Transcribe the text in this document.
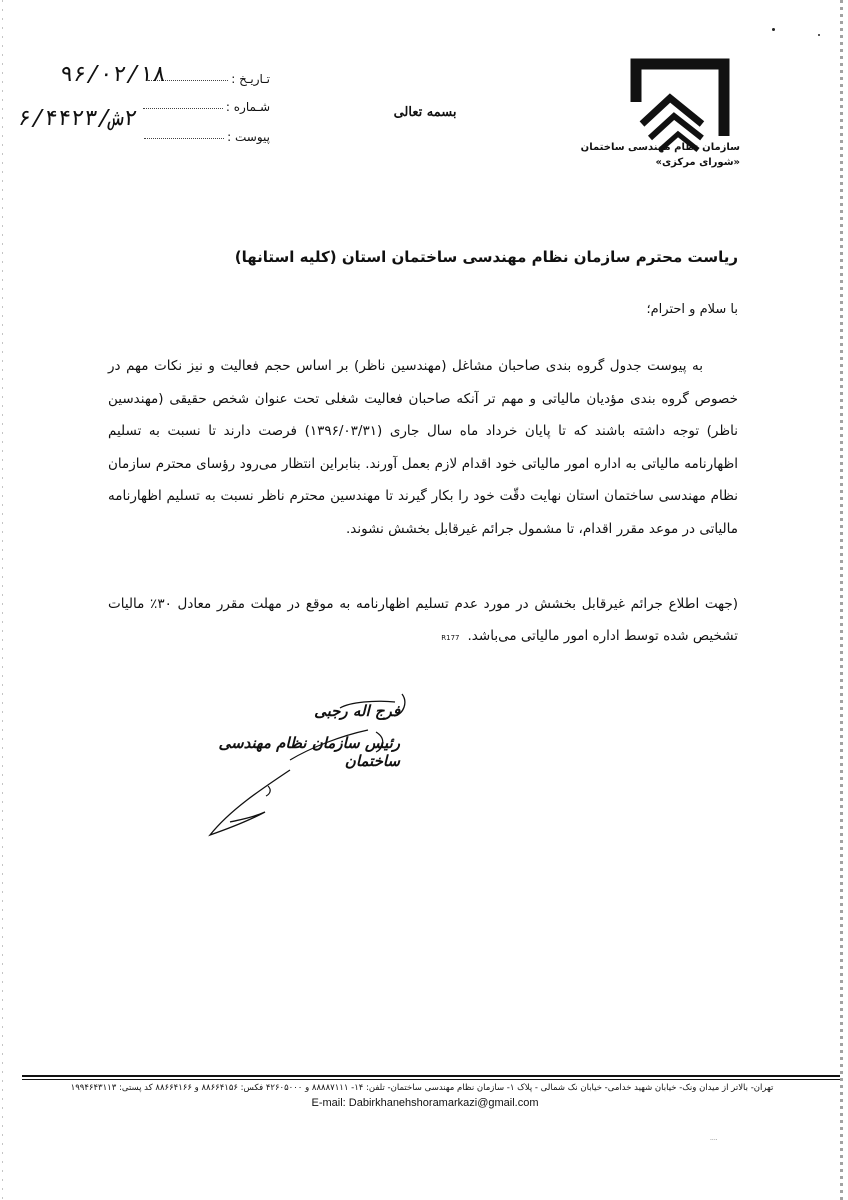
سازمان نظام مهندسی ساختمان
«شورای مرکزی»
بسمه تعالی
تـاریـخ :
شـماره :
پیوست :
۹۶/۰۲/۱۸
۲ش/۶/۴۴۲۳
ریاست محترم سازمان نظام مهندسی ساختمان استان (کلیه استانها)
با سلام و احترام؛

به پیوست جدول گروه بندی صاحبان مشاغل (مهندسین ناظر) بر اساس حجم فعالیت و نیز نکات مهم در خصوص گروه بندی مؤدیان مالیاتی و مهم تر آنکه صاحبان فعالیت شغلی تحت عنوان شخص حقیقی (مهندسین ناظر) توجه داشته باشند که تا پایان خرداد ماه سال جاری (۱۳۹۶/۰۳/۳۱) فرصت دارند تا نسبت به تسلیم اظهارنامه مالیاتی به اداره امور مالیاتی خود اقدام لازم بعمل آورند. بنابراین انتظار می‌رود رؤسای محترم سازمان نظام مهندسی ساختمان استان نهایت دقّت خود را بکار گیرند تا مهندسین محترم ناظر نسبت به تسلیم اظهارنامه مالیاتی در موعد مقرر اقدام، تا مشمول جرائم غیرقابل بخشش نشوند.

(جهت اطلاع جرائم غیرقابل بخشش در مورد عدم تسلیم اظهارنامه به موقع در مهلت مقرر معادل ۳۰٪ مالیات تشخیص شده توسط اداره امور مالیاتی می‌باشد.R177

فرج اله رجبی
رئیس سازمان نظام مهندسی ساختمان
تهران- بالاتر از میدان ونک- خیابان شهید خدامی- خیابان نک شمالی - پلاک ۱- سازمان نظام مهندسی ساختمان- تلفن: ۱۴- ۸۸۸۸۷۱۱۱ و ۴۲۶۰۵۰۰۰ فکس: ۸۸۶۶۴۱۵۶ و ۸۸۶۶۴۱۶۶ کد پستی: ۱۹۹۴۶۴۳۱۱۳
E-mail: Dabirkhanehshoramarkazi@gmail.com
....
